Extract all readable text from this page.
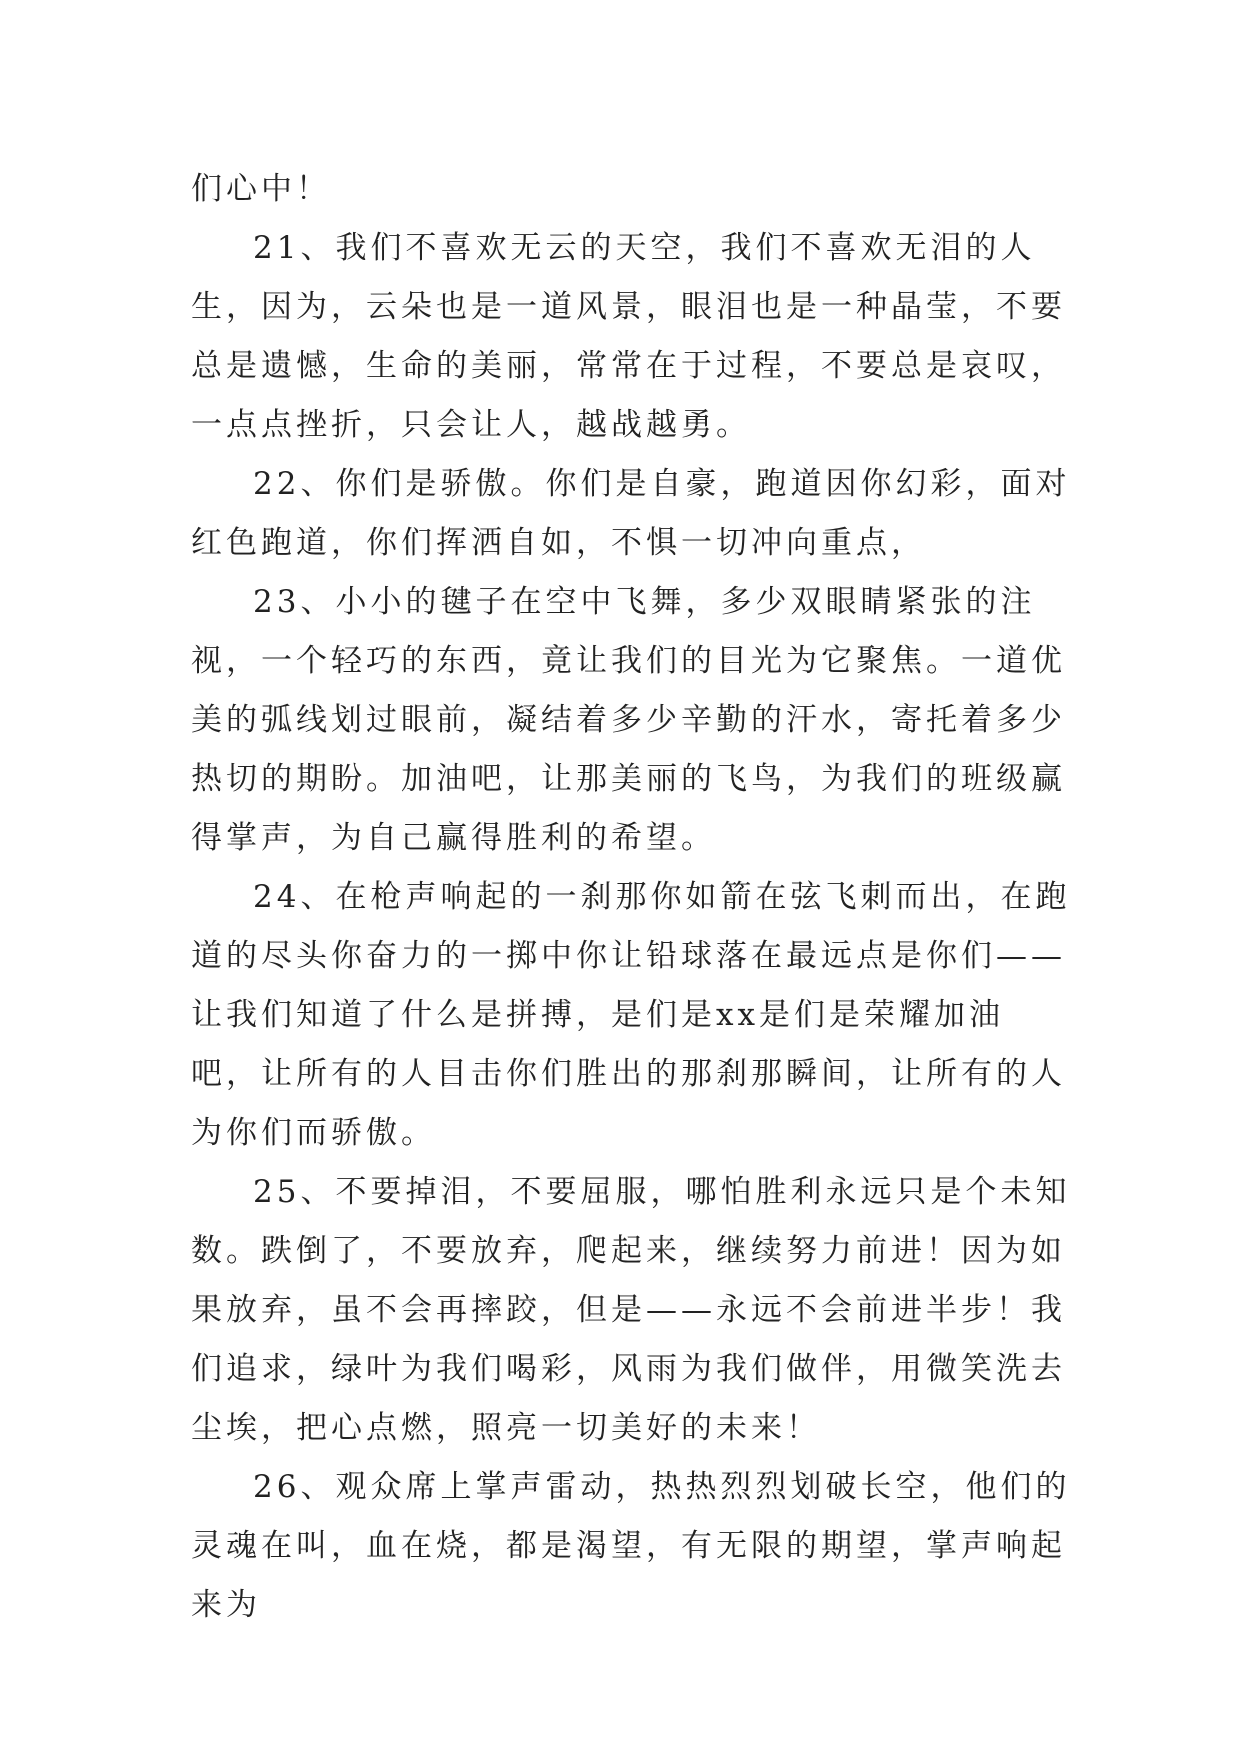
们心中！

21、我们不喜欢无云的天空，我们不喜欢无泪的人生，因为，云朵也是一道风景，眼泪也是一种晶莹，不要总是遗憾，生命的美丽，常常在于过程，不要总是哀叹，一点点挫折，只会让人，越战越勇。

22、你们是骄傲。你们是自豪，跑道因你幻彩，面对红色跑道，你们挥洒自如，不惧一切冲向重点，

23、小小的毽子在空中飞舞，多少双眼睛紧张的注视，一个轻巧的东西，竟让我们的目光为它聚焦。一道优美的弧线划过眼前，凝结着多少辛勤的汗水，寄托着多少热切的期盼。加油吧，让那美丽的飞鸟，为我们的班级赢得掌声，为自己赢得胜利的希望。

24、在枪声响起的一刹那你如箭在弦飞刺而出，在跑道的尽头你奋力的一掷中你让铅球落在最远点是你们——让我们知道了什么是拼搏，是们是xx是们是荣耀加油吧，让所有的人目击你们胜出的那刹那瞬间，让所有的人为你们而骄傲。

25、不要掉泪，不要屈服，哪怕胜利永远只是个未知数。跌倒了，不要放弃，爬起来，继续努力前进！因为如果放弃，虽不会再摔跤，但是——永远不会前进半步！我们追求，绿叶为我们喝彩，风雨为我们做伴，用微笑洗去尘埃，把心点燃，照亮一切美好的未来！

26、观众席上掌声雷动，热热烈烈划破长空，他们的灵魂在叫，血在烧，都是渴望，有无限的期望，掌声响起来为
